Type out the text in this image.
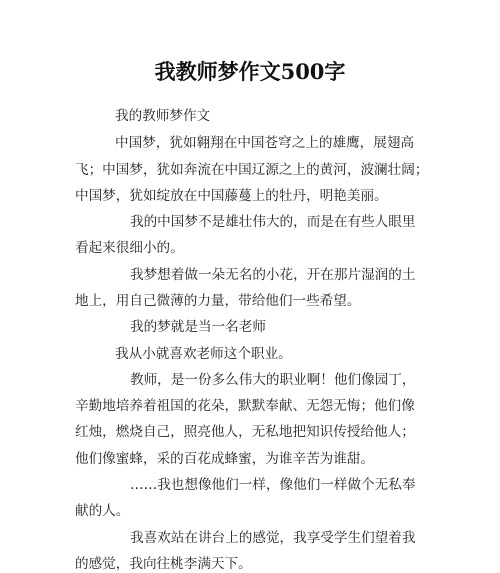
我教师梦作文500字
我的教师梦作文
中国梦，犹如翱翔在中国苍穹之上的雄鹰，展翅高
飞；中国梦，犹如奔流在中国辽源之上的黄河，波澜壮阔；
中国梦，犹如绽放在中国藤蔓上的牡丹，明艳美丽。
我的中国梦不是雄壮伟大的，而是在有些人眼里
看起来很细小的。
我梦想着做一朵无名的小花，开在那片湿润的土
地上，用自己微薄的力量，带给他们一些希望。
我的梦就是当一名老师
我从小就喜欢老师这个职业。
教师，是一份多么伟大的职业啊！他们像园丁，
辛勤地培养着祖国的花朵，默默奉献、无怨无悔；他们像
红烛，燃烧自己，照亮他人，无私地把知识传授给他人；
他们像蜜蜂，采的百花成蜂蜜，为谁辛苦为谁甜。
……我也想像他们一样，像他们一样做个无私奉
献的人。
我喜欢站在讲台上的感觉，我享受学生们望着我
的感觉，我向往桃李满天下。
